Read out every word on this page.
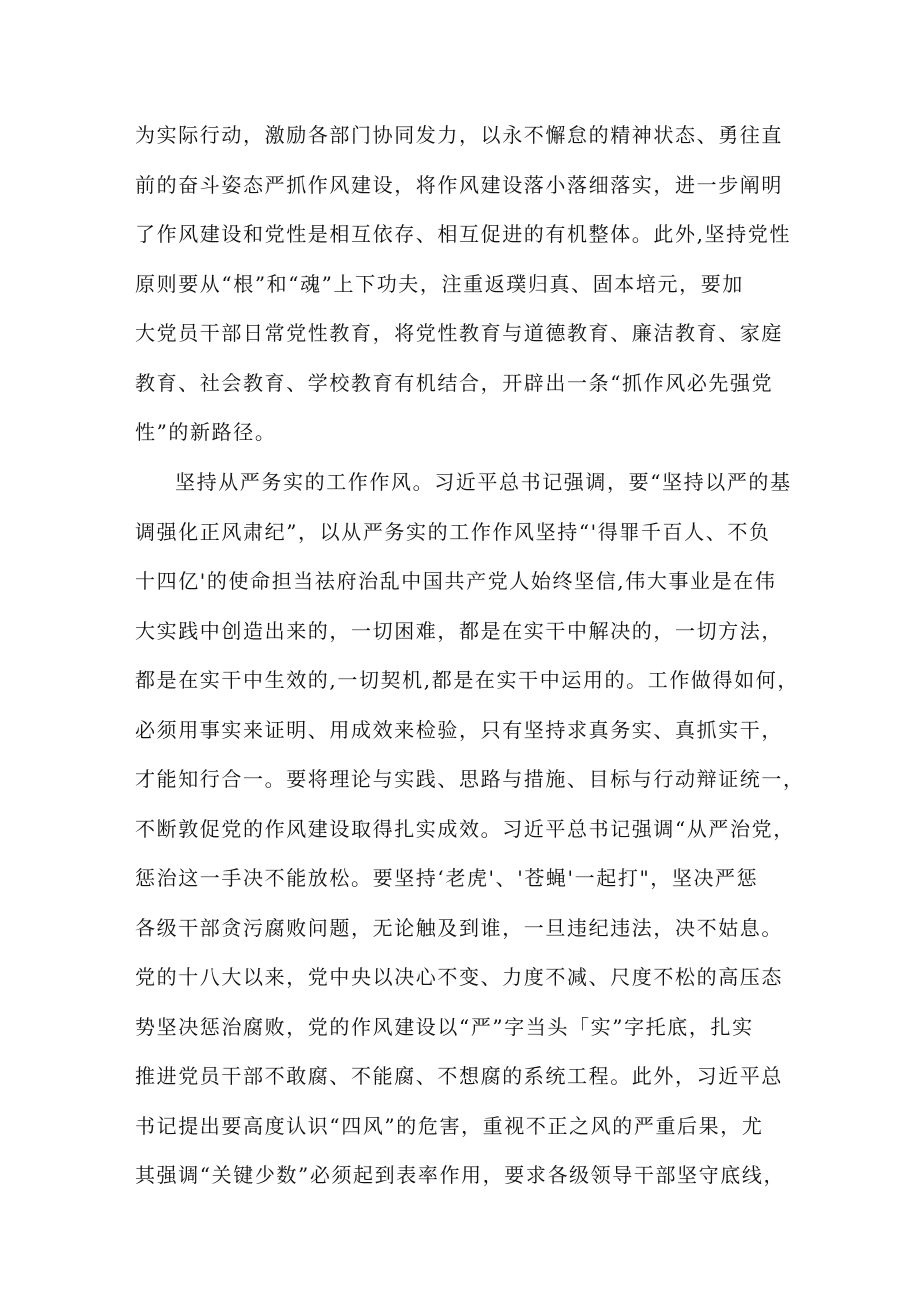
为实际行动，激励各部门协同发力，以永不懈怠的精神状态、勇往直
前的奋斗姿态严抓作风建设，将作风建设落小落细落实，进一步阐明
了作风建设和党性是相互依存、相互促进的有机整体。此外,坚持党性
原则要从“根”和“魂”上下功夫，注重返璞归真、固本培元，要加
大党员干部日常党性教育，将党性教育与道德教育、廉洁教育、家庭
教育、社会教育、学校教育有机结合，开辟出一条“抓作风必先强党
性”的新路径。
坚持从严务实的工作作风。习近平总书记强调，要“坚持以严的基
调强化正风肃纪”，以从严务实的工作作风坚持“'得罪千百人、不负
十四亿'的使命担当祛府治乱中国共产党人始终坚信,伟大事业是在伟
大实践中创造出来的，一切困难，都是在实干中解决的，一切方法，
都是在实干中生效的,一切契机,都是在实干中运用的。工作做得如何，
必须用事实来证明、用成效来检验，只有坚持求真务实、真抓实干，
才能知行合一。要将理论与实践、思路与措施、目标与行动辩证统一，
不断敦促党的作风建设取得扎实成效。习近平总书记强调“从严治党，
惩治这一手决不能放松。要坚持‘老虎'、'苍蝇'一起打"，坚决严惩
各级干部贪污腐败问题，无论触及到谁，一旦违纪违法，决不姑息。
党的十八大以来，党中央以决心不变、力度不减、尺度不松的高压态
势坚决惩治腐败，党的作风建设以“严”字当头「实”字托底，扎实
推进党员干部不敢腐、不能腐、不想腐的系统工程。此外，习近平总
书记提出要高度认识“四风”的危害，重视不正之风的严重后果，尤
其强调“关键少数”必须起到表率作用，要求各级领导干部坚守底线，
